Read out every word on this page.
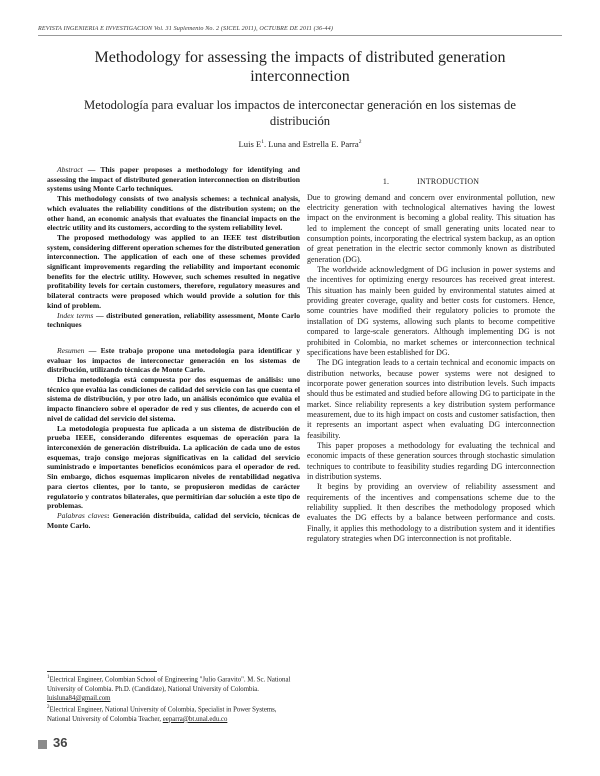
REVISTA INGENIERÍA E INVESTIGACIÓN Vol. 31 Suplemento No. 2 (SICEL 2011), OCTUBRE DE 2011 (36-44)
Methodology for assessing the impacts of distributed generation interconnection
Metodología para evaluar los impactos de interconectar generación en los sistemas de distribución
Luis $E^1$. Luna and Estrella E. Parra$^2$

Abstract — This paper proposes a methodology for identifying and assessing the impact of distributed generation interconnection on distribution systems using Monte Carlo techniques.

This methodology consists of two analysis schemes: a technical analysis, which evaluates the reliability conditions of the distribution system; on the other hand, an economic analysis that evaluates the financial impacts on the electric utility and its customers, according to the system reliability level.

The proposed methodology was applied to an IEEE test distribution system, considering different operation schemes for the distributed generation interconnection. The application of each one of these schemes provided significant improvements regarding the reliability and important economic benefits for the electric utility. However, such schemes resulted in negative profitability levels for certain customers, therefore, regulatory measures and bilateral contracts were proposed which would provide a solution for this kind of problem.

Index terms — distributed generation, reliability assessment, Monte Carlo techniques

Resumen — Este trabajo propone una metodología para identificar y evaluar los impactos de interconectar generación en los sistemas de distribución, utilizando técnicas de Monte Carlo.

Dicha metodología está compuesta por dos esquemas de análisis: uno técnico que evalúa las condiciones de calidad del servicio con las que cuenta el sistema de distribución, y por otro lado, un análisis económico que evalúa el impacto financiero sobre el operador de red y sus clientes, de acuerdo con el nivel de calidad del servicio del sistema.

La metodología propuesta fue aplicada a un sistema de distribución de prueba IEEE, considerando diferentes esquemas de operación para la interconexión de generación distribuida. La aplicación de cada uno de estos esquemas, trajo consigo mejoras significativas en la calidad del servicio suministrado e importantes beneficios económicos para el operador de red. Sin embargo, dichos esquemas implicaron niveles de rentabilidad negativa para ciertos clientes, por lo tanto, se propusieron medidas de carácter regulatorio y contratos bilaterales, que permitirían dar solución a este tipo de problemas.

Palabras claves: Generación distribuida, calidad del servicio, técnicas de Monte Carlo.

1.	INTRODUCTION

Due to growing demand and concern over environmental pollution, new electricity generation with technological alternatives having the lowest impact on the environment is becoming a global reality. This situation has led to implement the concept of small generating units located near to consumption points, incorporating the electrical system backup, as an option of great penetration in the electric sector commonly known as distributed generation (DG).

The worldwide acknowledgment of DG inclusion in power systems and the incentives for optimizing energy resources has received great interest. This situation has mainly been guided by environmental statutes aimed at providing greater coverage, quality and better costs for customers. Hence, some countries have modified their regulatory policies to promote the installation of DG systems, allowing such plants to become competitive compared to large-scale generators. Although implementing DG is not prohibited in Colombia, no market schemes or interconnection technical specifications have been established for DG.

The DG integration leads to a certain technical and economic impacts on distribution networks, because power systems were not designed to incorporate power generation sources into distribution levels. Such impacts should thus be estimated and studied before allowing DG to participate in the market. Since reliability represents a key distribution system performance measurement, due to its high impact on costs and customer satisfaction, then it represents an important aspect when evaluating DG interconnection feasibility.

This paper proposes a methodology for evaluating the technical and economic impacts of these generation sources through stochastic simulation techniques to contribute to feasibility studies regarding DG interconnection in distribution systems.

It begins by providing an overview of reliability assessment and requirements of the incentives and compensations scheme due to the reliability supplied. It then describes the methodology proposed which evaluates the DG effects by a balance between performance and costs. Finally, it applies this methodology to a distribution system and it identifies regulatory strategies when DG interconnection is not profitable.

$^1$Electrical Engineer, Colombian School of Engineering "Julio Garavito". M. Sc. National University of Colombia. Ph.D. (Candidate), National University of Colombia. luisluna84@gmail.com

$^2$Electrical Engineer, National University of Colombia, Specialist in Power Systems, National University of Colombia Teacher, eeparra@bt.unal.edu.co

36
